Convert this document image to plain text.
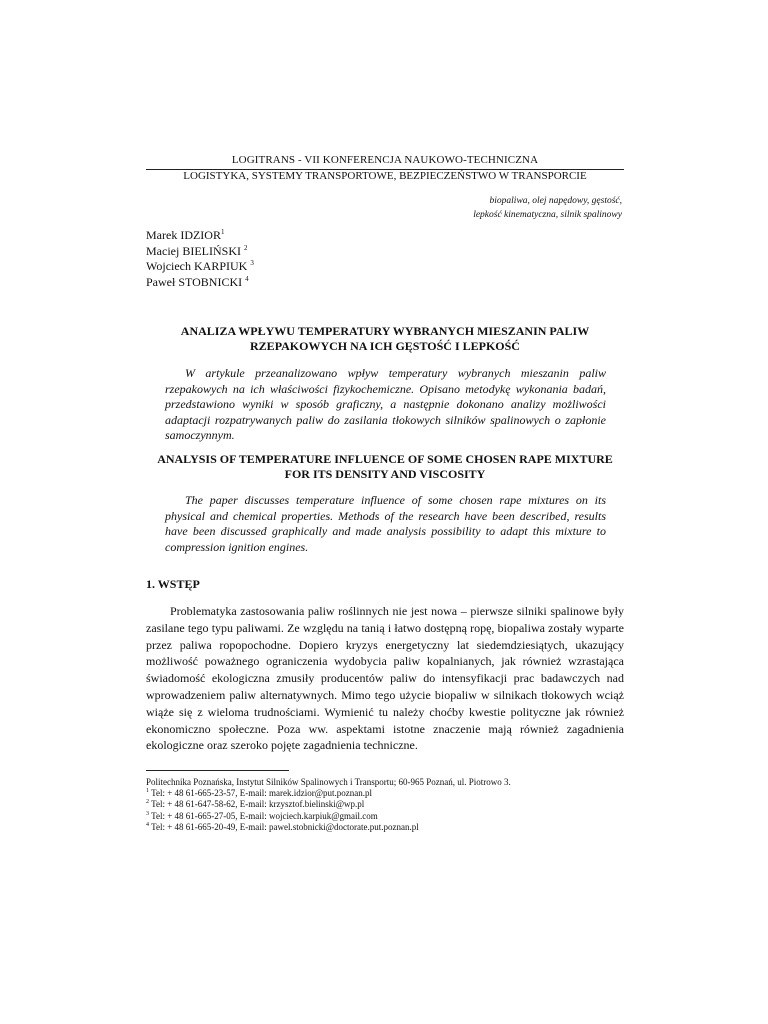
LOGITRANS - VII KONFERENCJA NAUKOWO-TECHNICZNA
LOGISTYKA, SYSTEMY TRANSPORTOWE, BEZPIECZEŃSTWO W TRANSPORCIE
biopaliwa, olej napędowy, gęstość,
lepkość kinematyczna, silnik spalinowy
Marek IDZIOR$^1$
Maciej BIELIŃSKI $^2$
Wojciech KARPIUK $^3$
Paweł STOBNICKI $^4$
ANALIZA WPŁYWU TEMPERATURY WYBRANYCH MIESZANIN PALIW RZEPAKOWYCH NA ICH GĘSTOŚĆ I LEPKOŚĆ
W artykule przeanalizowano wpływ temperatury wybranych mieszanin paliw rzepakowych na ich właściwości fizykochemiczne. Opisano metodykę wykonania badań, przedstawiono wyniki w sposób graficzny, a następnie dokonano analizy możliwości adaptacji rozpatrywanych paliw do zasilania tłokowych silników spalinowych o zapłonie samoczynnym.
ANALYSIS OF TEMPERATURE INFLUENCE OF SOME CHOSEN RAPE MIXTURE FOR ITS DENSITY AND VISCOSITY
The paper discusses temperature influence of some chosen rape mixtures on its physical and chemical properties. Methods of the research have been described, results have been discussed graphically and made analysis possibility to adapt this mixture to compression ignition engines.
1. WSTĘP
Problematyka zastosowania paliw roślinnych nie jest nowa – pierwsze silniki spalinowe były zasilane tego typu paliwami. Ze względu na tanią i łatwo dostępną ropę, biopaliwa zostały wyparte przez paliwa ropopochodne. Dopiero kryzys energetyczny lat siedemdziesiątych, ukazujący możliwość poważnego ograniczenia wydobycia paliw kopalnianych, jak również wzrastająca świadomość ekologiczna zmusiły producentów paliw do intensyfikacji prac badawczych nad wprowadzeniem paliw alternatywnych. Mimo tego użycie biopaliw w silnikach tłokowych wciąż wiąże się z wieloma trudnościami. Wymienić tu należy choćby kwestie polityczne jak również ekonomiczno społeczne. Poza ww. aspektami istotne znaczenie mają również zagadnienia ekologiczne oraz szeroko pojęte zagadnienia techniczne.
Politechnika Poznańska, Instytut Silników Spalinowych i Transportu; 60-965 Poznań, ul. Piotrowo 3.
$^1$ Tel: + 48 61-665-23-57, E-mail: marek.idzior@put.poznan.pl
$^2$ Tel: + 48 61-647-58-62, E-mail: krzysztof.bielinski@wp.pl
$^3$ Tel: + 48 61-665-27-05, E-mail: wojciech.karpiuk@gmail.com
$^4$ Tel: + 48 61-665-20-49, E-mail: pawel.stobnicki@doctorate.put.poznan.pl
